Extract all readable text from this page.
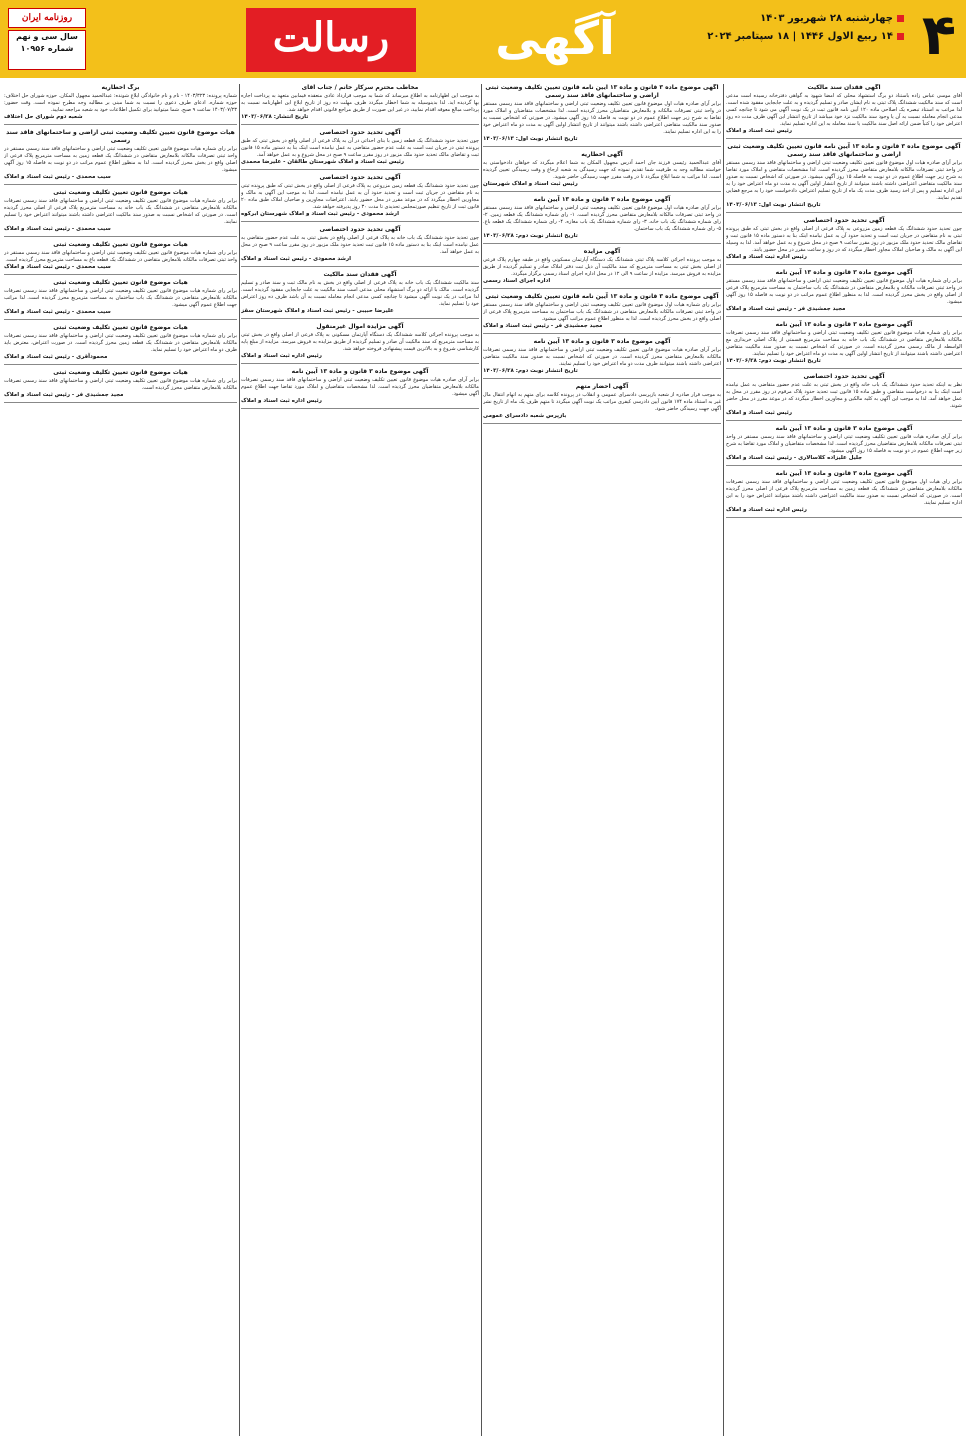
۴
چهارشنبه ۲۸ شهریور ۱۴۰۳
۱۴ ربیع الاول ۱۴۴۶ | ۱۸ سپتامبر ۲۰۲۴
آگهی
رسالت
روزنامه ایران
سال سی و نهم
شماره ۱۰۹۵۶
آگهی فقدان سند مالکیت
آقای موسی عباس زاده باستناد دو برگ استشهاد محلی که امضا شهود به گواهی دفترخانه رسیده است مدعی است که سند مالکیت ششدانگ پلاک ثبتی به نام ایشان صادر و تسلیم گردیده و به علت جابجایی مفقود شده است. لذا مراتب به استناد تبصره یک اصلاحی ماده ۱۲۰ آیین نامه قانون ثبت در یک نوبت آگهی می شود تا چنانچه کسی مدعی انجام معامله نسبت به آن یا وجود سند مالکیت نزد خود میباشد از تاریخ انتشار این آگهی ظرف مدت ده روز اعتراض خود را کتباً ضمن ارائه اصل سند مالکیت یا سند معامله به این اداره تسلیم نماید.
رئیس ثبت اسناد و املاک
آگهی موضوع ماده ۳ قانون و ماده ۱۳ آیین نامه قانون تعیین تکلیف وضعیت ثبتی اراضی و ساختمانهای فاقد سند رسمی
برابر آرای صادره هیات اول موضوع قانون تعیین تکلیف وضعیت ثبتی اراضی و ساختمانهای فاقد سند رسمی مستقر در واحد ثبتی تصرفات مالکانه بلامعارض متقاضی محرز گردیده است. لذا مشخصات متقاضی و املاک مورد تقاضا به شرح زیر جهت اطلاع عموم در دو نوبت به فاصله ۱۵ روز آگهی میشود. در صورتی که اشخاص نسبت به صدور سند مالکیت متقاضی اعتراضی داشته باشند میتوانند از تاریخ انتشار اولین آگهی به مدت دو ماه اعتراض خود را به این اداره تسلیم و پس از اخذ رسید ظرف مدت یک ماه از تاریخ تسلیم اعتراض، دادخواست خود را به مرجع قضایی تقدیم نمایند.
تاریخ انتشار نوبت اول: ۱۴۰۳/۰۶/۱۳
آگهی تحدید حدود اختصاصی
چون تحدید حدود ششدانگ یک قطعه زمین مزروعی به پلاک فرعی از اصلی واقع در بخش ثبتی که طبق پرونده ثبتی به نام متقاضی در جریان ثبت است و تحدید حدود آن به عمل نیامده اینک بنا به دستور ماده ۱۵ قانون ثبت و تقاضای مالک تحدید حدود ملک مزبور در روز مقرر ساعت ۹ صبح در محل شروع و به عمل خواهد آمد. لذا به وسیله این آگهی به مالک و صاحبان املاک مجاور اخطار میگردد که در روز و ساعت مقرر در محل حضور یابند.
رئیس اداره ثبت اسناد و املاک
آگهی موضوع ماده ۳ قانون و ماده ۱۳ آیین نامه
برابر رای شماره هیات اول موضوع قانون تعیین تکلیف وضعیت ثبتی اراضی و ساختمانهای فاقد سند رسمی مستقر در واحد ثبتی تصرفات مالکانه و بلامعارض متقاضی در ششدانگ یک باب ساختمان به مساحت مترمربع پلاک فرعی از اصلی واقع در بخش محرز گردیده است. لذا به منظور اطلاع عموم مراتب در دو نوبت به فاصله ۱۵ روز آگهی میشود.
مجید جمشیدی فر - رئیس ثبت اسناد و املاک
آگهی موضوع ماده ۳ قانون و ماده ۱۳ آیین نامه
برابر رای شماره هیات موضوع قانون تعیین تکلیف وضعیت ثبتی اراضی و ساختمانهای فاقد سند رسمی تصرفات مالکانه بلامعارض متقاضی در ششدانگ یک باب خانه به مساحت مترمربع قسمتی از پلاک اصلی خریداری مع الواسطه از مالک رسمی محرز گردیده است. در صورتی که اشخاص نسبت به صدور سند مالکیت متقاضی اعتراضی داشته باشند میتوانند از تاریخ انتشار اولین آگهی به مدت دو ماه اعتراض خود را تسلیم نمایند.
تاریخ انتشار نوبت دوم: ۱۴۰۳/۰۶/۲۸
آگهی تحدید حدود اختصاصی
نظر به اینکه تحدید حدود ششدانگ یک باب خانه واقع در بخش ثبتی به علت عدم حضور متقاضی به عمل نیامده است اینک بنا به درخواست متقاضی و طبق ماده ۱۵ قانون ثبت تحدید حدود پلاک مرقوم در روز مقرر در محل به عمل خواهد آمد. لذا به موجب این آگهی به کلیه مالکین و مجاورین اخطار میگردد که در موعد مقرر در محل حاضر شوند.
رئیس ثبت اسناد و املاک
آگهی موضوع ماده ۳ قانون و ماده ۱۳ آیین نامه
برابر آرای صادره هیات قانون تعیین تکلیف وضعیت ثبتی اراضی و ساختمانهای فاقد سند رسمی مستقر در واحد ثبتی تصرفات مالکانه بلامعارض متقاضیان محرز گردیده است. لذا مشخصات متقاضیان و املاک مورد تقاضا به شرح زیر جهت اطلاع عموم در دو نوبت به فاصله ۱۵ روز آگهی میشود.
جلیل علیزاده کلاسالاری - رئیس ثبت اسناد و املاک
آگهی موضوع ماده ۳ قانون و ماده ۱۳ آیین نامه
برابر رای هیات اول موضوع قانون تعیین تکلیف وضعیت ثبتی اراضی و ساختمانهای فاقد سند رسمی تصرفات مالکانه بلامعارض متقاضی در ششدانگ یک قطعه زمین به مساحت مترمربع پلاک فرعی از اصلی محرز گردیده است. در صورتی که اشخاص نسبت به صدور سند مالکیت اعتراضی داشته باشند میتوانند اعتراض خود را به این اداره تسلیم نمایند.
رئیس اداره ثبت اسناد و املاک
آگهی موضوع ماده ۳ قانون و ماده ۱۳ آیین نامه قانون تعیین تکلیف وضعیت ثبتی اراضی و ساختمانهای فاقد سند رسمی
برابر آرای صادره هیات اول موضوع قانون تعیین تکلیف وضعیت ثبتی اراضی و ساختمانهای فاقد سند رسمی مستقر در واحد ثبتی تصرفات مالکانه و بلامعارض متقاضیان محرز گردیده است. لذا مشخصات متقاضیان و املاک مورد تقاضا به شرح زیر جهت اطلاع عموم در دو نوبت به فاصله ۱۵ روز آگهی میشود. در صورتی که اشخاص نسبت به صدور سند مالکیت متقاضی اعتراضی داشته باشند میتوانند از تاریخ انتشار اولین آگهی به مدت دو ماه اعتراض خود را به این اداره تسلیم نمایند.
تاریخ انتشار نوبت اول: ۱۴۰۳/۰۶/۱۳
آگهی اخطاریه
آقای عبدالحمید رئیسی فرزند جان احمد آدرس مجهول المکان به شما اعلام میگردد که خواهان دادخواستی به خواسته مطالبه وجه به طرفیت شما تقدیم نموده که جهت رسیدگی به شعبه ارجاع و وقت رسیدگی تعیین گردیده است. لذا مراتب به شما ابلاغ میگردد تا در وقت مقرر جهت رسیدگی حاضر شوید.
رئیس ثبت اسناد و املاک شهرستان
آگهی موضوع ماده ۳ قانون و ماده ۱۳ آیین نامه
برابر آرای صادره هیات اول موضوع قانون تعیین تکلیف وضعیت ثبتی اراضی و ساختمانهای فاقد سند رسمی مستقر در واحد ثبتی تصرفات مالکانه بلامعارض متقاضی محرز گردیده است. ۱- رای شماره ششدانگ یک قطعه زمین. ۲- رای شماره ششدانگ یک باب خانه. ۳- رای شماره ششدانگ یک باب مغازه. ۴- رای شماره ششدانگ یک قطعه باغ. ۵- رای شماره ششدانگ یک باب ساختمان.
تاریخ انتشار نوبت دوم: ۱۴۰۳/۰۶/۲۸
آگهی مزایده
به موجب پرونده اجرائی کلاسه پلاک ثبتی ششدانگ یک دستگاه آپارتمان مسکونی واقع در طبقه چهارم پلاک فرعی از اصلی بخش ثبتی به مساحت مترمربع که سند مالکیت آن ذیل ثبت دفتر املاک صادر و تسلیم گردیده از طریق مزایده به فروش میرسد. مزایده از ساعت ۹ الی ۱۲ در محل اداره اجرای اسناد رسمی برگزار میگردد.
اداره اجرای اسناد رسمی
آگهی موضوع ماده ۳ قانون و ماده ۱۳ آیین نامه قانون تعیین تکلیف وضعیت ثبتی
برابر رای شماره هیات اول موضوع قانون تعیین تکلیف وضعیت ثبتی اراضی و ساختمانهای فاقد سند رسمی مستقر در واحد ثبتی تصرفات مالکانه بلامعارض متقاضی در ششدانگ یک باب ساختمان به مساحت مترمربع پلاک فرعی از اصلی واقع در بخش محرز گردیده است. لذا به منظور اطلاع عموم مراتب آگهی میشود.
مجید جمشیدی فر - رئیس ثبت اسناد و املاک
آگهی موضوع ماده ۳ قانون و ماده ۱۳ آیین نامه
برابر آرای صادره هیات موضوع قانون تعیین تکلیف وضعیت ثبتی اراضی و ساختمانهای فاقد سند رسمی تصرفات مالکانه بلامعارض متقاضی محرز گردیده است. در صورتی که اشخاص نسبت به صدور سند مالکیت متقاضی اعتراضی داشته باشند میتوانند ظرف مدت دو ماه اعتراض خود را تسلیم نمایند.
تاریخ انتشار نوبت دوم: ۱۴۰۳/۰۶/۲۸
آگهی احضار متهم
به موجب قرار صادره از شعبه بازپرسی دادسرای عمومی و انقلاب در پرونده کلاسه برای متهم به اتهام انتقال مال غیر به استناد ماده ۱۷۴ قانون آیین دادرسی کیفری مراتب یک نوبت آگهی میگردد تا متهم ظرف یک ماه از تاریخ نشر آگهی جهت رسیدگی حاضر شود.
بازپرس شعبه دادسرای عمومی
مخاطب محترم سرکار خانم / جناب آقای
به موجب این اظهارنامه به اطلاع میرساند که شما به موجب قرارداد عادی منعقده فیمابین متعهد به پرداخت اجاره بها گردیده اید. لذا بدینوسیله به شما اخطار میگردد ظرف مهلت ده روز از تاریخ ابلاغ این اظهارنامه نسبت به پرداخت مبالغ معوقه اقدام نمایید، در غیر این صورت از طریق مراجع قانونی اقدام خواهد شد.
تاریخ انتشار: ۱۴۰۳/۰۶/۲۸
آگهی تحدید حدود اختصاصی
چون تحدید حدود ششدانگ یک قطعه زمین با بنای احداثی در آن به پلاک فرعی از اصلی واقع در بخش ثبتی که طبق پرونده ثبتی در جریان ثبت است به علت عدم حضور متقاضی به عمل نیامده است اینک بنا به دستور ماده ۱۵ قانون ثبت و تقاضای مالک تحدید حدود ملک مزبور در روز مقرر ساعت ۹ صبح در محل شروع و به عمل خواهد آمد.
رئیس ثبت اسناد و املاک شهرستان طالقان - علیرضا محمدی
آگهی تحدید حدود اختصاصی
چون تحدید حدود ششدانگ یک قطعه زمین مزروعی به پلاک فرعی از اصلی واقع در بخش ثبتی که طبق پرونده ثبتی به نام متقاضی در جریان ثبت است و تحدید حدود آن به عمل نیامده است. لذا به موجب این آگهی به مالک و مجاورین اخطار میگردد که در موعد مقرر در محل حضور یابند. اعتراضات مجاورین و صاحبان املاک طبق ماده ۲۰ قانون ثبت از تاریخ تنظیم صورتمجلس تحدیدی تا مدت ۳۰ روز پذیرفته خواهد شد.
ارشد محمودی - رئیس ثبت اسناد و املاک شهرستان ابرکوه
آگهی تحدید حدود اختصاصی
چون تحدید حدود ششدانگ یک باب خانه به پلاک فرعی از اصلی واقع در بخش ثبتی به علت عدم حضور متقاضی به عمل نیامده است اینک بنا به دستور ماده ۱۵ قانون ثبت تحدید حدود ملک مزبور در روز مقرر ساعت ۹ صبح در محل به عمل خواهد آمد.
ارشد محمودی - رئیس ثبت اسناد و املاک
آگهی فقدان سند مالکیت
سند مالکیت ششدانگ یک باب خانه به پلاک فرعی از اصلی واقع در بخش به نام مالک ثبت و سند صادر و تسلیم گردیده است. مالک با ارائه دو برگ استشهاد محلی مدعی است سند مالکیت به علت جابجایی مفقود گردیده است. لذا مراتب در یک نوبت آگهی میشود تا چنانچه کسی مدعی انجام معامله نسبت به آن باشد ظرف ده روز اعتراض خود را تسلیم نماید.
علیرضا حبیبی - رئیس ثبت اسناد و املاک شهرستان سقز
آگهی مزایده اموال غیرمنقول
به موجب پرونده اجرائی کلاسه ششدانگ یک دستگاه آپارتمان مسکونی به پلاک فرعی از اصلی واقع در بخش ثبتی به مساحت مترمربع که سند مالکیت آن صادر و تسلیم گردیده از طریق مزایده به فروش میرسد. مزایده از مبلغ پایه کارشناسی شروع و به بالاترین قیمت پیشنهادی فروخته خواهد شد.
رئیس اداره ثبت اسناد و املاک
آگهی موضوع ماده ۳ قانون و ماده ۱۳ آیین نامه
برابر آرای صادره هیات موضوع قانون تعیین تکلیف وضعیت ثبتی اراضی و ساختمانهای فاقد سند رسمی تصرفات مالکانه بلامعارض متقاضیان محرز گردیده است. لذا مشخصات متقاضیان و املاک مورد تقاضا جهت اطلاع عموم آگهی میشود.
رئیس اداره ثبت اسناد و املاک
برگ اخطاریه
شماره پرونده: ۱۴۰۳/۳۲۳ - نام و نام خانوادگی ابلاغ شونده: عبدالحمید مجهول المکان. حوزه شورای حل اختلاف: حوزه شماره. ادعای طرف دعوی را نسبت به شما مبنی بر مطالبه وجه مطرح نموده است. وقت حضور: ۱۴۰۳/۰۷/۲۳ ساعت ۹ صبح. شما میتوانید برای تکمیل اطلاعات خود به شعبه مراجعه نمایید.
شعبه دوم شورای حل اختلاف
هیات موضوع قانون تعیین تکلیف وضعیت ثبتی اراضی و ساختمانهای فاقد سند رسمی
برابر رای شماره هیات موضوع قانون تعیین تکلیف وضعیت ثبتی اراضی و ساختمانهای فاقد سند رسمی مستقر در واحد ثبتی تصرفات مالکانه بلامعارض متقاضی در ششدانگ یک قطعه زمین به مساحت مترمربع پلاک فرعی از اصلی واقع در بخش محرز گردیده است. لذا به منظور اطلاع عموم مراتب در دو نوبت به فاصله ۱۵ روز آگهی میشود.
سیب محمدی - رئیس ثبت اسناد و املاک
هیات موضوع قانون تعیین تکلیف وضعیت ثبتی
برابر رای شماره هیات موضوع قانون تعیین تکلیف وضعیت ثبتی اراضی و ساختمانهای فاقد سند رسمی تصرفات مالکانه بلامعارض متقاضی در ششدانگ یک باب خانه به مساحت مترمربع پلاک فرعی از اصلی محرز گردیده است. در صورتی که اشخاص نسبت به صدور سند مالکیت اعتراضی داشته باشند میتوانند اعتراض خود را تسلیم نمایند.
سیب محمدی - رئیس ثبت اسناد و املاک
هیات موضوع قانون تعیین تکلیف وضعیت ثبتی
برابر رای شماره هیات موضوع قانون تعیین تکلیف وضعیت ثبتی اراضی و ساختمانهای فاقد سند رسمی مستقر در واحد ثبتی تصرفات مالکانه بلامعارض متقاضی در ششدانگ یک قطعه باغ به مساحت مترمربع محرز گردیده است.
سیب محمدی - رئیس ثبت اسناد و املاک
هیات موضوع قانون تعیین تکلیف وضعیت ثبتی
برابر رای شماره هیات موضوع قانون تعیین تکلیف وضعیت ثبتی اراضی و ساختمانهای فاقد سند رسمی تصرفات مالکانه بلامعارض متقاضی در ششدانگ یک باب ساختمان به مساحت مترمربع محرز گردیده است. لذا مراتب جهت اطلاع عموم آگهی میشود.
سیب محمدی - رئیس ثبت اسناد و املاک
هیات موضوع قانون تعیین تکلیف وضعیت ثبتی
برابر رای شماره هیات موضوع قانون تعیین تکلیف وضعیت ثبتی اراضی و ساختمانهای فاقد سند رسمی تصرفات مالکانه بلامعارض متقاضی در ششدانگ یک قطعه زمین محرز گردیده است. در صورت اعتراض، معترض باید ظرف دو ماه اعتراض خود را تسلیم نماید.
محمودآقری - رئیس ثبت اسناد و املاک
هیات موضوع قانون تعیین تکلیف وضعیت ثبتی
برابر رای شماره هیات موضوع قانون تعیین تکلیف وضعیت ثبتی اراضی و ساختمانهای فاقد سند رسمی تصرفات مالکانه بلامعارض متقاضی محرز گردیده است.
مجید جمشیدی فر - رئیس ثبت اسناد و املاک
